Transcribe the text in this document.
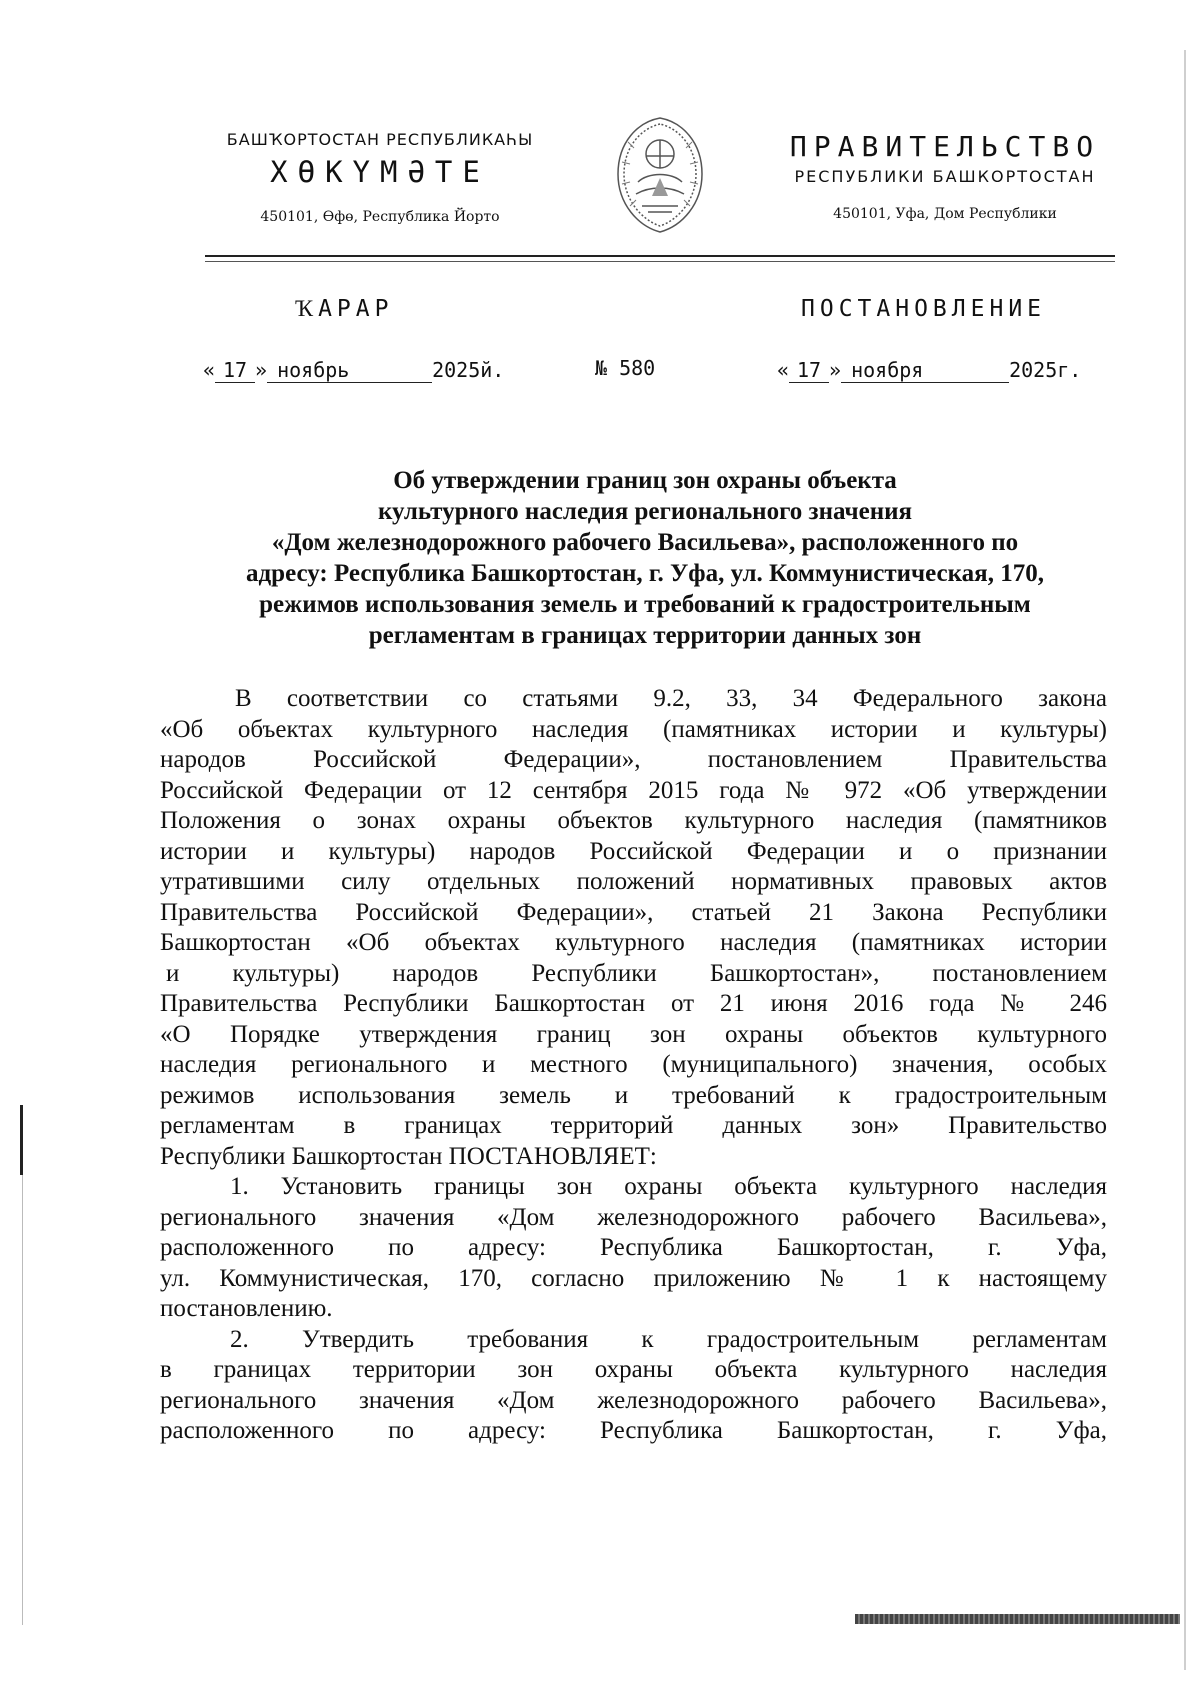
БАШҠОРТОСТАН РЕСПУБЛИКАҺЫ
ХӨКҮМӘТЕ
450101, Өфө, Республика Йорто
ПРАВИТЕЛЬСТВО
РЕСПУБЛИКИ БАШКОРТОСТАН
450101, Уфа, Дом Республики
ҠАРАР	ПОСТАНОВЛЕНИЕ
« 17 » ноябрь	2025й.	№ 580	« 17 » ноября	2025г.
Об утверждении границ зон охраны объекта
культурного наследия регионального значения
«Дом железнодорожного рабочего Васильева», расположенного по
адресу: Республика Башкортостан, г. Уфа, ул. Коммунистическая, 170,
режимов использования земель и требований к градостроительным
регламентам в границах территории данных зон
В соответствии со статьями 9.2, 33, 34 Федерального закона
«Об объектах культурного наследия (памятниках истории и культуры)
народов Российской Федерации», постановлением Правительства
Российской Федерации от 12 сентября 2015 года № 972 «Об утверждении
Положения о зонах охраны объектов культурного наследия (памятников
истории и культуры) народов Российской Федерации и о признании
утратившими силу отдельных положений нормативных правовых актов
Правительства Российской Федерации», статьей 21 Закона Республики
Башкортостан «Об объектах культурного наследия (памятниках истории
и культуры) народов Республики Башкортостан», постановлением
Правительства Республики Башкортостан от 21 июня 2016 года № 246
«О Порядке утверждения границ зон охраны объектов культурного
наследия регионального и местного (муниципального) значения, особых
режимов использования земель и требований к градостроительным
регламентам в границах территорий данных зон» Правительство
Республики Башкортостан ПОСТАНОВЛЯЕТ:
1. Установить границы зон охраны объекта культурного наследия
регионального значения «Дом железнодорожного рабочего Васильева»,
расположенного по адресу: Республика Башкортостан, г. Уфа,
ул. Коммунистическая, 170, согласно приложению № 1 к настоящему
постановлению.
2. Утвердить требования к градостроительным регламентам
в границах территории зон охраны объекта культурного наследия
регионального значения «Дом железнодорожного рабочего Васильева»,
расположенного по адресу: Республика Башкортостан, г. Уфа,
